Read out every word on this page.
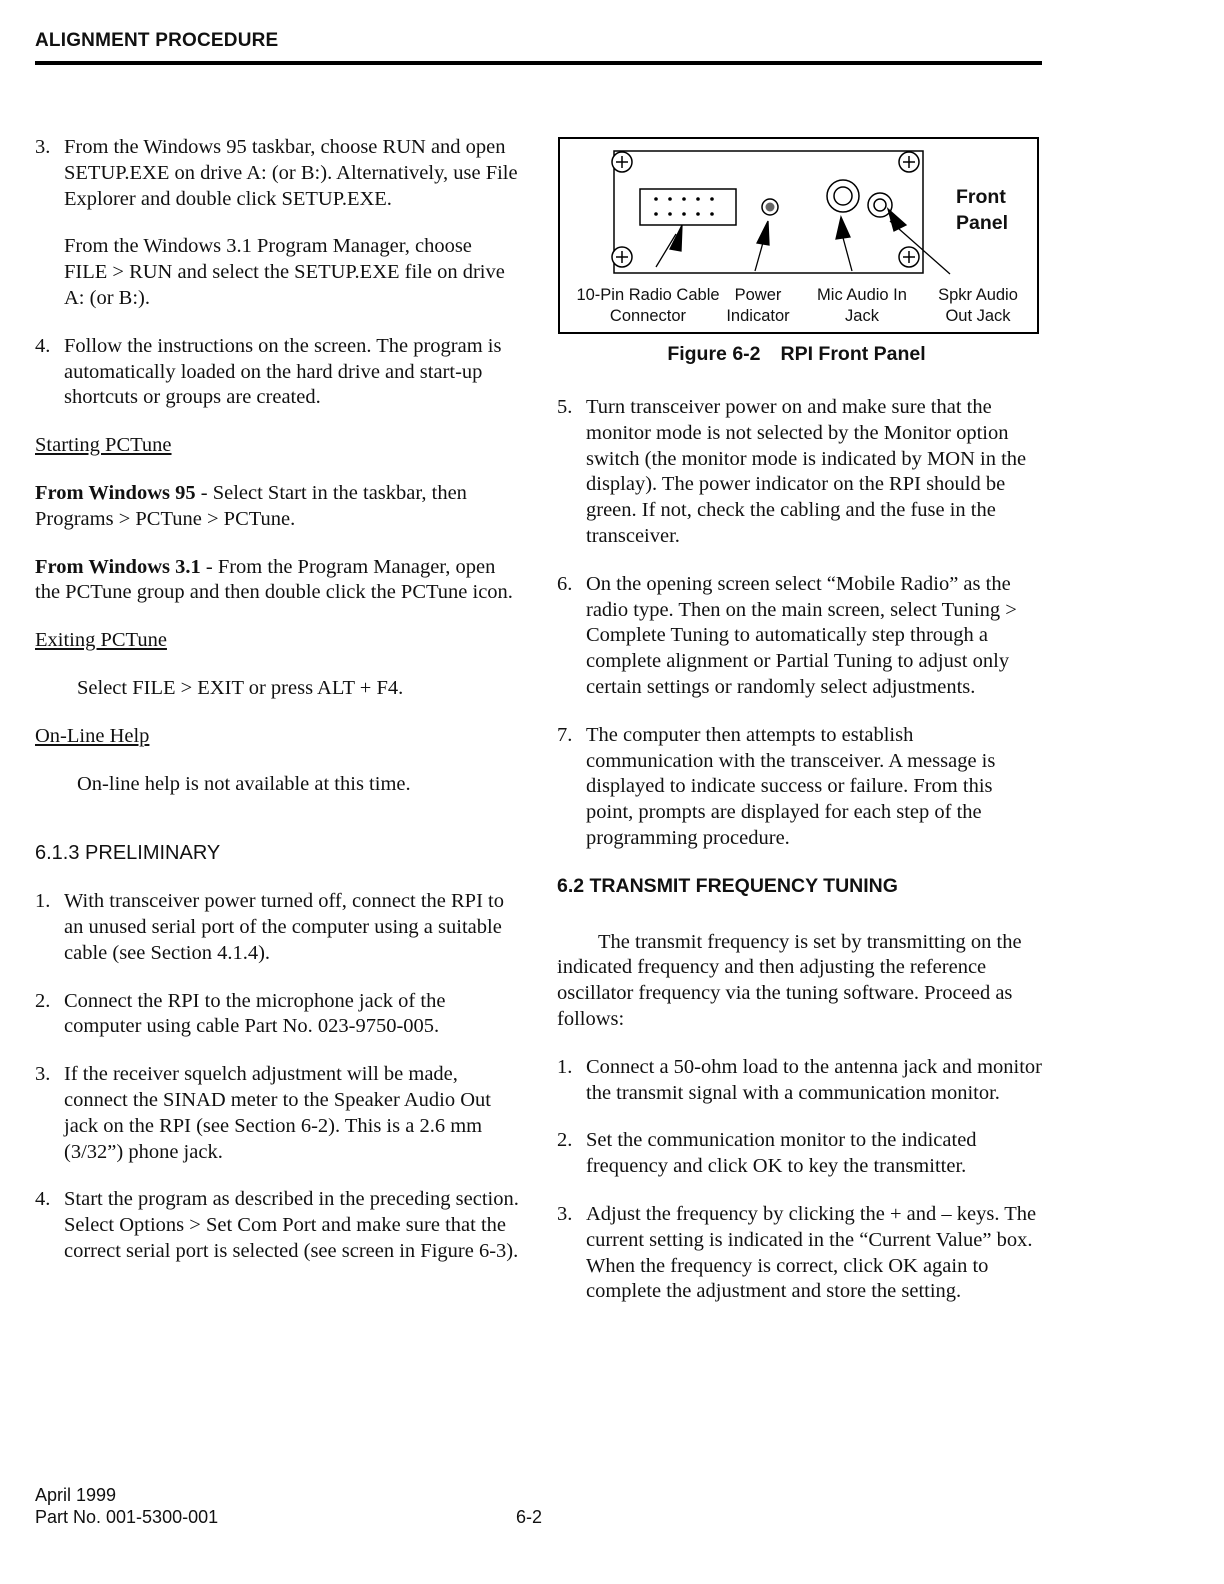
ALIGNMENT PROCEDURE
3. From the Windows 95 taskbar, choose RUN and open SETUP.EXE on drive A: (or B:). Alternatively, use File Explorer and double click SETUP.EXE.
From the Windows 3.1 Program Manager, choose FILE > RUN and select the SETUP.EXE file on drive A: (or B:).
4. Follow the instructions on the screen. The program is automatically loaded on the hard drive and start-up shortcuts or groups are created.
Starting PCTune
From Windows 95 - Select Start in the taskbar, then Programs > PCTune > PCTune.
From Windows 3.1 - From the Program Manager, open the PCTune group and then double click the PCTune icon.
Exiting PCTune
Select FILE > EXIT or press ALT + F4.
On-Line Help
On-line help is not available at this time.
6.1.3 PRELIMINARY
1. With transceiver power turned off, connect the RPI to an unused serial port of the computer using a suitable cable (see Section 4.1.4).
2. Connect the RPI to the microphone jack of the computer using cable Part No. 023-9750-005.
3. If the receiver squelch adjustment will be made, connect the SINAD meter to the Speaker Audio Out jack on the RPI (see Section 6-2). This is a 2.6 mm (3/32”) phone jack.
4. Start the program as described in the preceding section. Select Options > Set Com Port and make sure that the correct serial port is selected (see screen in Figure 6-3).
Front
Panel
10-Pin Radio Cable
Connector
Power
Indicator
Mic Audio In
Jack
Spkr Audio
Out Jack
Figure 6-2 RPI Front Panel
5. Turn transceiver power on and make sure that the monitor mode is not selected by the Monitor option switch (the monitor mode is indicated by MON in the display). The power indicator on the RPI should be green. If not, check the cabling and the fuse in the transceiver.
6. On the opening screen select “Mobile Radio” as the radio type. Then on the main screen, select Tuning > Complete Tuning to automatically step through a complete alignment or Partial Tuning to adjust only certain settings or randomly select adjustments.
7. The computer then attempts to establish communication with the transceiver. A message is displayed to indicate success or failure. From this point, prompts are displayed for each step of the programming procedure.
6.2 TRANSMIT FREQUENCY TUNING
The transmit frequency is set by transmitting on the indicated frequency and then adjusting the reference oscillator frequency via the tuning software. Proceed as follows:
1. Connect a 50-ohm load to the antenna jack and monitor the transmit signal with a communication monitor.
2. Set the communication monitor to the indicated frequency and click OK to key the transmitter.
3. Adjust the frequency by clicking the + and – keys. The current setting is indicated in the “Current Value” box. When the frequency is correct, click OK again to complete the adjustment and store the setting.
April 1999
Part No. 001-5300-001	6-2
